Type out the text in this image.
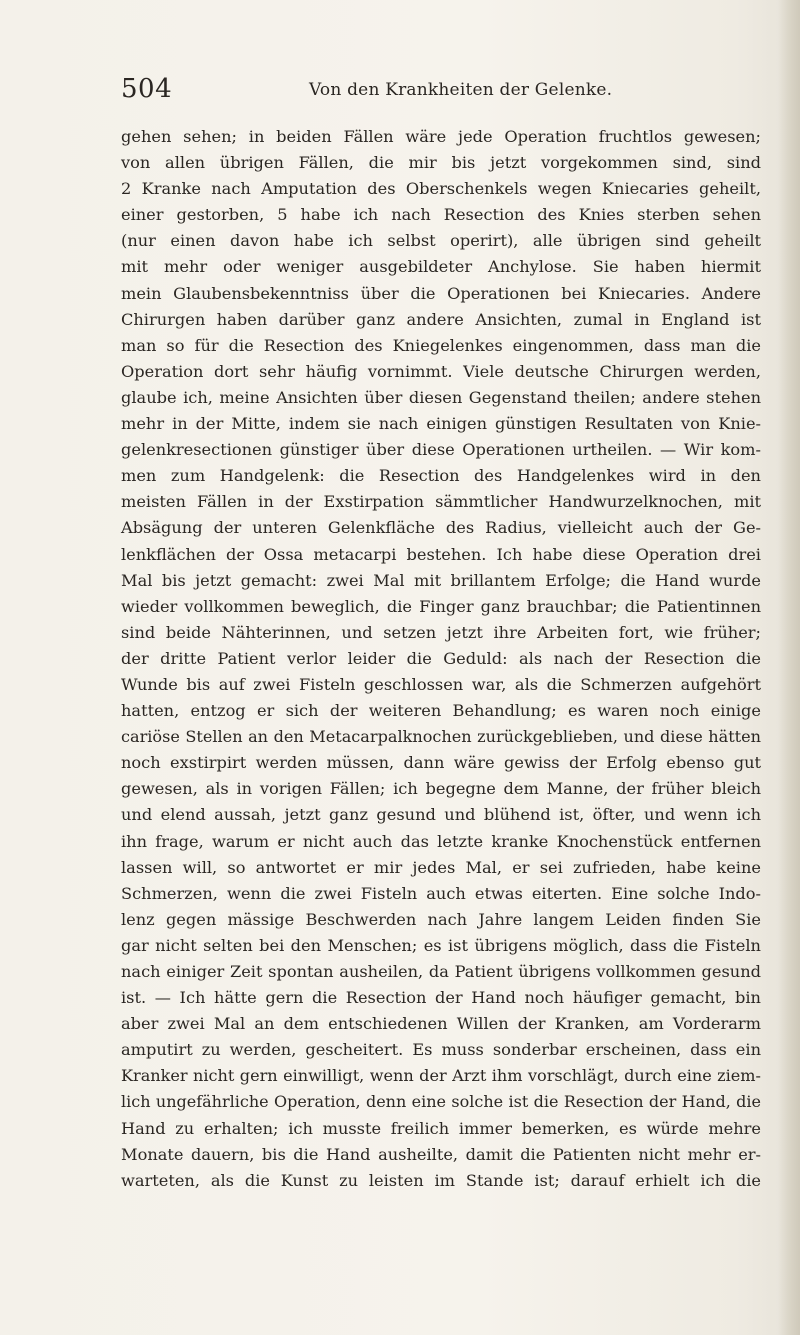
504	Von den Krankheiten der Gelenke.
gehen sehen; in beiden Fällen wäre jede Operation fruchtlos gewesen;
von allen übrigen Fällen, die mir bis jetzt vorgekommen sind, sind
2 Kranke nach Amputation des Oberschenkels wegen Kniecaries geheilt,
einer gestorben, 5 habe ich nach Resection des Knies sterben sehen
(nur einen davon habe ich selbst operirt), alle übrigen sind geheilt
mit mehr oder weniger ausgebildeter Anchylose. Sie haben hiermit
mein Glaubensbekenntniss über die Operationen bei Kniecaries. Andere
Chirurgen haben darüber ganz andere Ansichten, zumal in England ist
man so für die Resection des Kniegelenkes eingenommen, dass man die
Operation dort sehr häufig vornimmt. Viele deutsche Chirurgen werden,
glaube ich, meine Ansichten über diesen Gegenstand theilen; andere stehen
mehr in der Mitte, indem sie nach einigen günstigen Resultaten von Knie-
gelenkresectionen günstiger über diese Operationen urtheilen. — Wir kom-
men zum Handgelenk: die Resection des Handgelenkes wird in den
meisten Fällen in der Exstirpation sämmtlicher Handwurzelknochen, mit
Absägung der unteren Gelenkfläche des Radius, vielleicht auch der Ge-
lenkflächen der Ossa metacarpi bestehen. Ich habe diese Operation drei
Mal bis jetzt gemacht: zwei Mal mit brillantem Erfolge; die Hand wurde
wieder vollkommen beweglich, die Finger ganz brauchbar; die Patientinnen
sind beide Nähterinnen, und setzen jetzt ihre Arbeiten fort, wie früher;
der dritte Patient verlor leider die Geduld: als nach der Resection die
Wunde bis auf zwei Fisteln geschlossen war, als die Schmerzen aufgehört
hatten, entzog er sich der weiteren Behandlung; es waren noch einige
cariöse Stellen an den Metacarpalknochen zurückgeblieben, und diese hätten
noch exstirpirt werden müssen, dann wäre gewiss der Erfolg ebenso gut
gewesen, als in vorigen Fällen; ich begegne dem Manne, der früher bleich
und elend aussah, jetzt ganz gesund und blühend ist, öfter, und wenn ich
ihn frage, warum er nicht auch das letzte kranke Knochenstück entfernen
lassen will, so antwortet er mir jedes Mal, er sei zufrieden, habe keine
Schmerzen, wenn die zwei Fisteln auch etwas eiterten. Eine solche Indo-
lenz gegen mässige Beschwerden nach Jahre langem Leiden finden Sie
gar nicht selten bei den Menschen; es ist übrigens möglich, dass die Fisteln
nach einiger Zeit spontan ausheilen, da Patient übrigens vollkommen gesund
ist. — Ich hätte gern die Resection der Hand noch häufiger gemacht, bin
aber zwei Mal an dem entschiedenen Willen der Kranken, am Vorderarm
amputirt zu werden, gescheitert. Es muss sonderbar erscheinen, dass ein
Kranker nicht gern einwilligt, wenn der Arzt ihm vorschlägt, durch eine ziem-
lich ungefährliche Operation, denn eine solche ist die Resection der Hand, die
Hand zu erhalten; ich musste freilich immer bemerken, es würde mehre
Monate dauern, bis die Hand ausheilte, damit die Patienten nicht mehr er-
warteten, als die Kunst zu leisten im Stande ist; darauf erhielt ich die
